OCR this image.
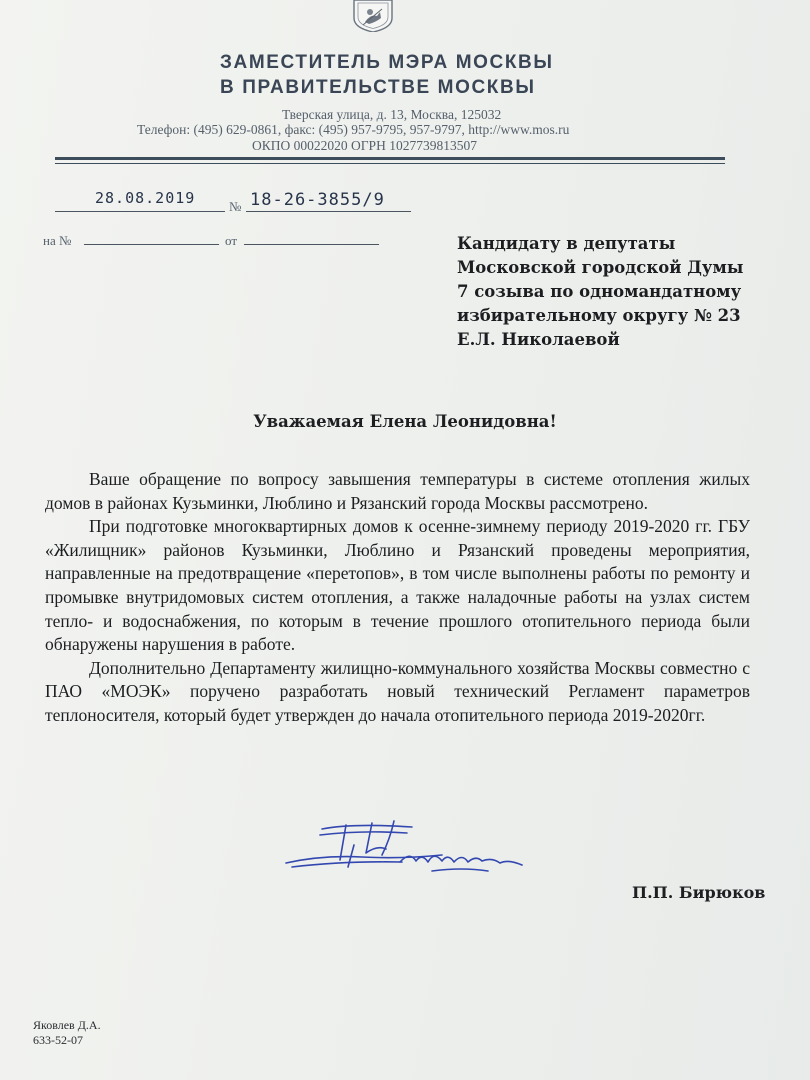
ЗАМЕСТИТЕЛЬ МЭРА МОСКВЫ
В ПРАВИТЕЛЬСТВЕ МОСКВЫ
Тверская улица, д. 13, Москва, 125032
Телефон: (495) 629-0861, факс: (495) 957-9795, 957-9797, http://www.mos.ru
ОКПО 00022020 ОГРН 1027739813507
28.08.2019	№ 18-26-3855/9
на №	от	Кандидату в депутаты
Московской городской Думы
7 созыва по одномандатному
избирательному округу № 23
Е.Л. Николаевой
Уважаемая Елена Леонидовна!

Ваше обращение по вопросу завышения температуры в системе отопления жилых домов в районах Кузьминки, Люблино и Рязанский города Москвы рассмотрено.

При подготовке многоквартирных домов к осенне-зимнему периоду 2019-2020 гг. ГБУ «Жилищник» районов Кузьминки, Люблино и Рязанский проведены мероприятия, направленные на предотвращение «перетопов», в том числе выполнены работы по ремонту и промывке внутридомовых систем отопления, а также наладочные работы на узлах систем тепло- и водоснабжения, по которым в течение прошлого отопительного периода были обнаружены нарушения в работе.

Дополнительно Департаменту жилищно-коммунального хозяйства Москвы совместно с ПАО «МОЭК» поручено разработать новый технический Регламент параметров теплоносителя, который будет утвержден до начала отопительного периода 2019-2020гг.

П.П. Бирюков
Яковлев Д.А.
633-52-07
